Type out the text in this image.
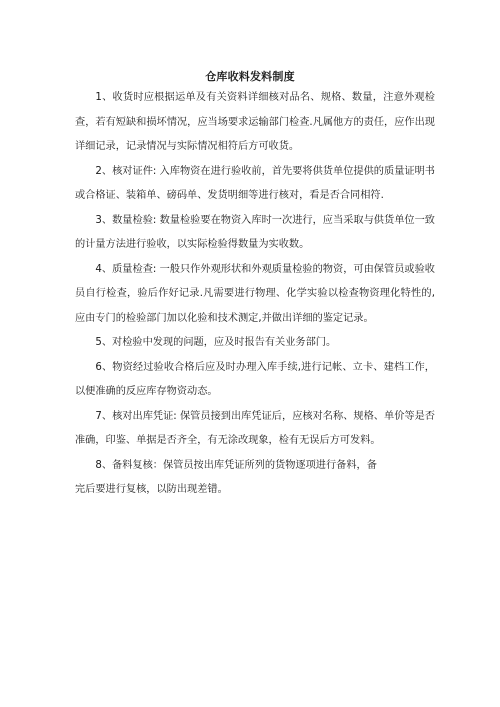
仓库收料发料制度

1、收货时应根据运单及有关资料详细核对品名、规格、数量，注意外观检查，若有短缺和损坏情况，应当场要求运输部门检查.凡属他方的责任，应作出现详细记录，记录情况与实际情况相符后方可收货。

2、核对证件: 入库物资在进行验收前，首先要将供货单位提供的质量证明书或合格证、装箱单、磅码单、发货明细等进行核对，看是否合同相符.

3、数量检验: 数量检验要在物资入库时一次进行，应当采取与供货单位一致的计量方法进行验收，以实际检验得数量为实收数。

4、质量检查: 一般只作外观形状和外观质量检验的物资，可由保管员或验收员自行检查，验后作好记录.凡需要进行物理、化学实验以检查物资理化特性的,应由专门的检验部门加以化验和技术测定,并做出详细的鉴定记录。

5、对检验中发现的问题，应及时报告有关业务部门。

6、物资经过验收合格后应及时办理入库手续,进行记帐、立卡、建档工作，以便准确的反应库存物资动态。

7、核对出库凭证: 保管员接到出库凭证后，应核对名称、规格、单价等是否准确，印鉴、单据是否齐全，有无涂改现象，检有无误后方可发料。

8、备料复核：保管员按出库凭证所列的货物逐项进行备料，备

完后要进行复核，以防出现差错。
